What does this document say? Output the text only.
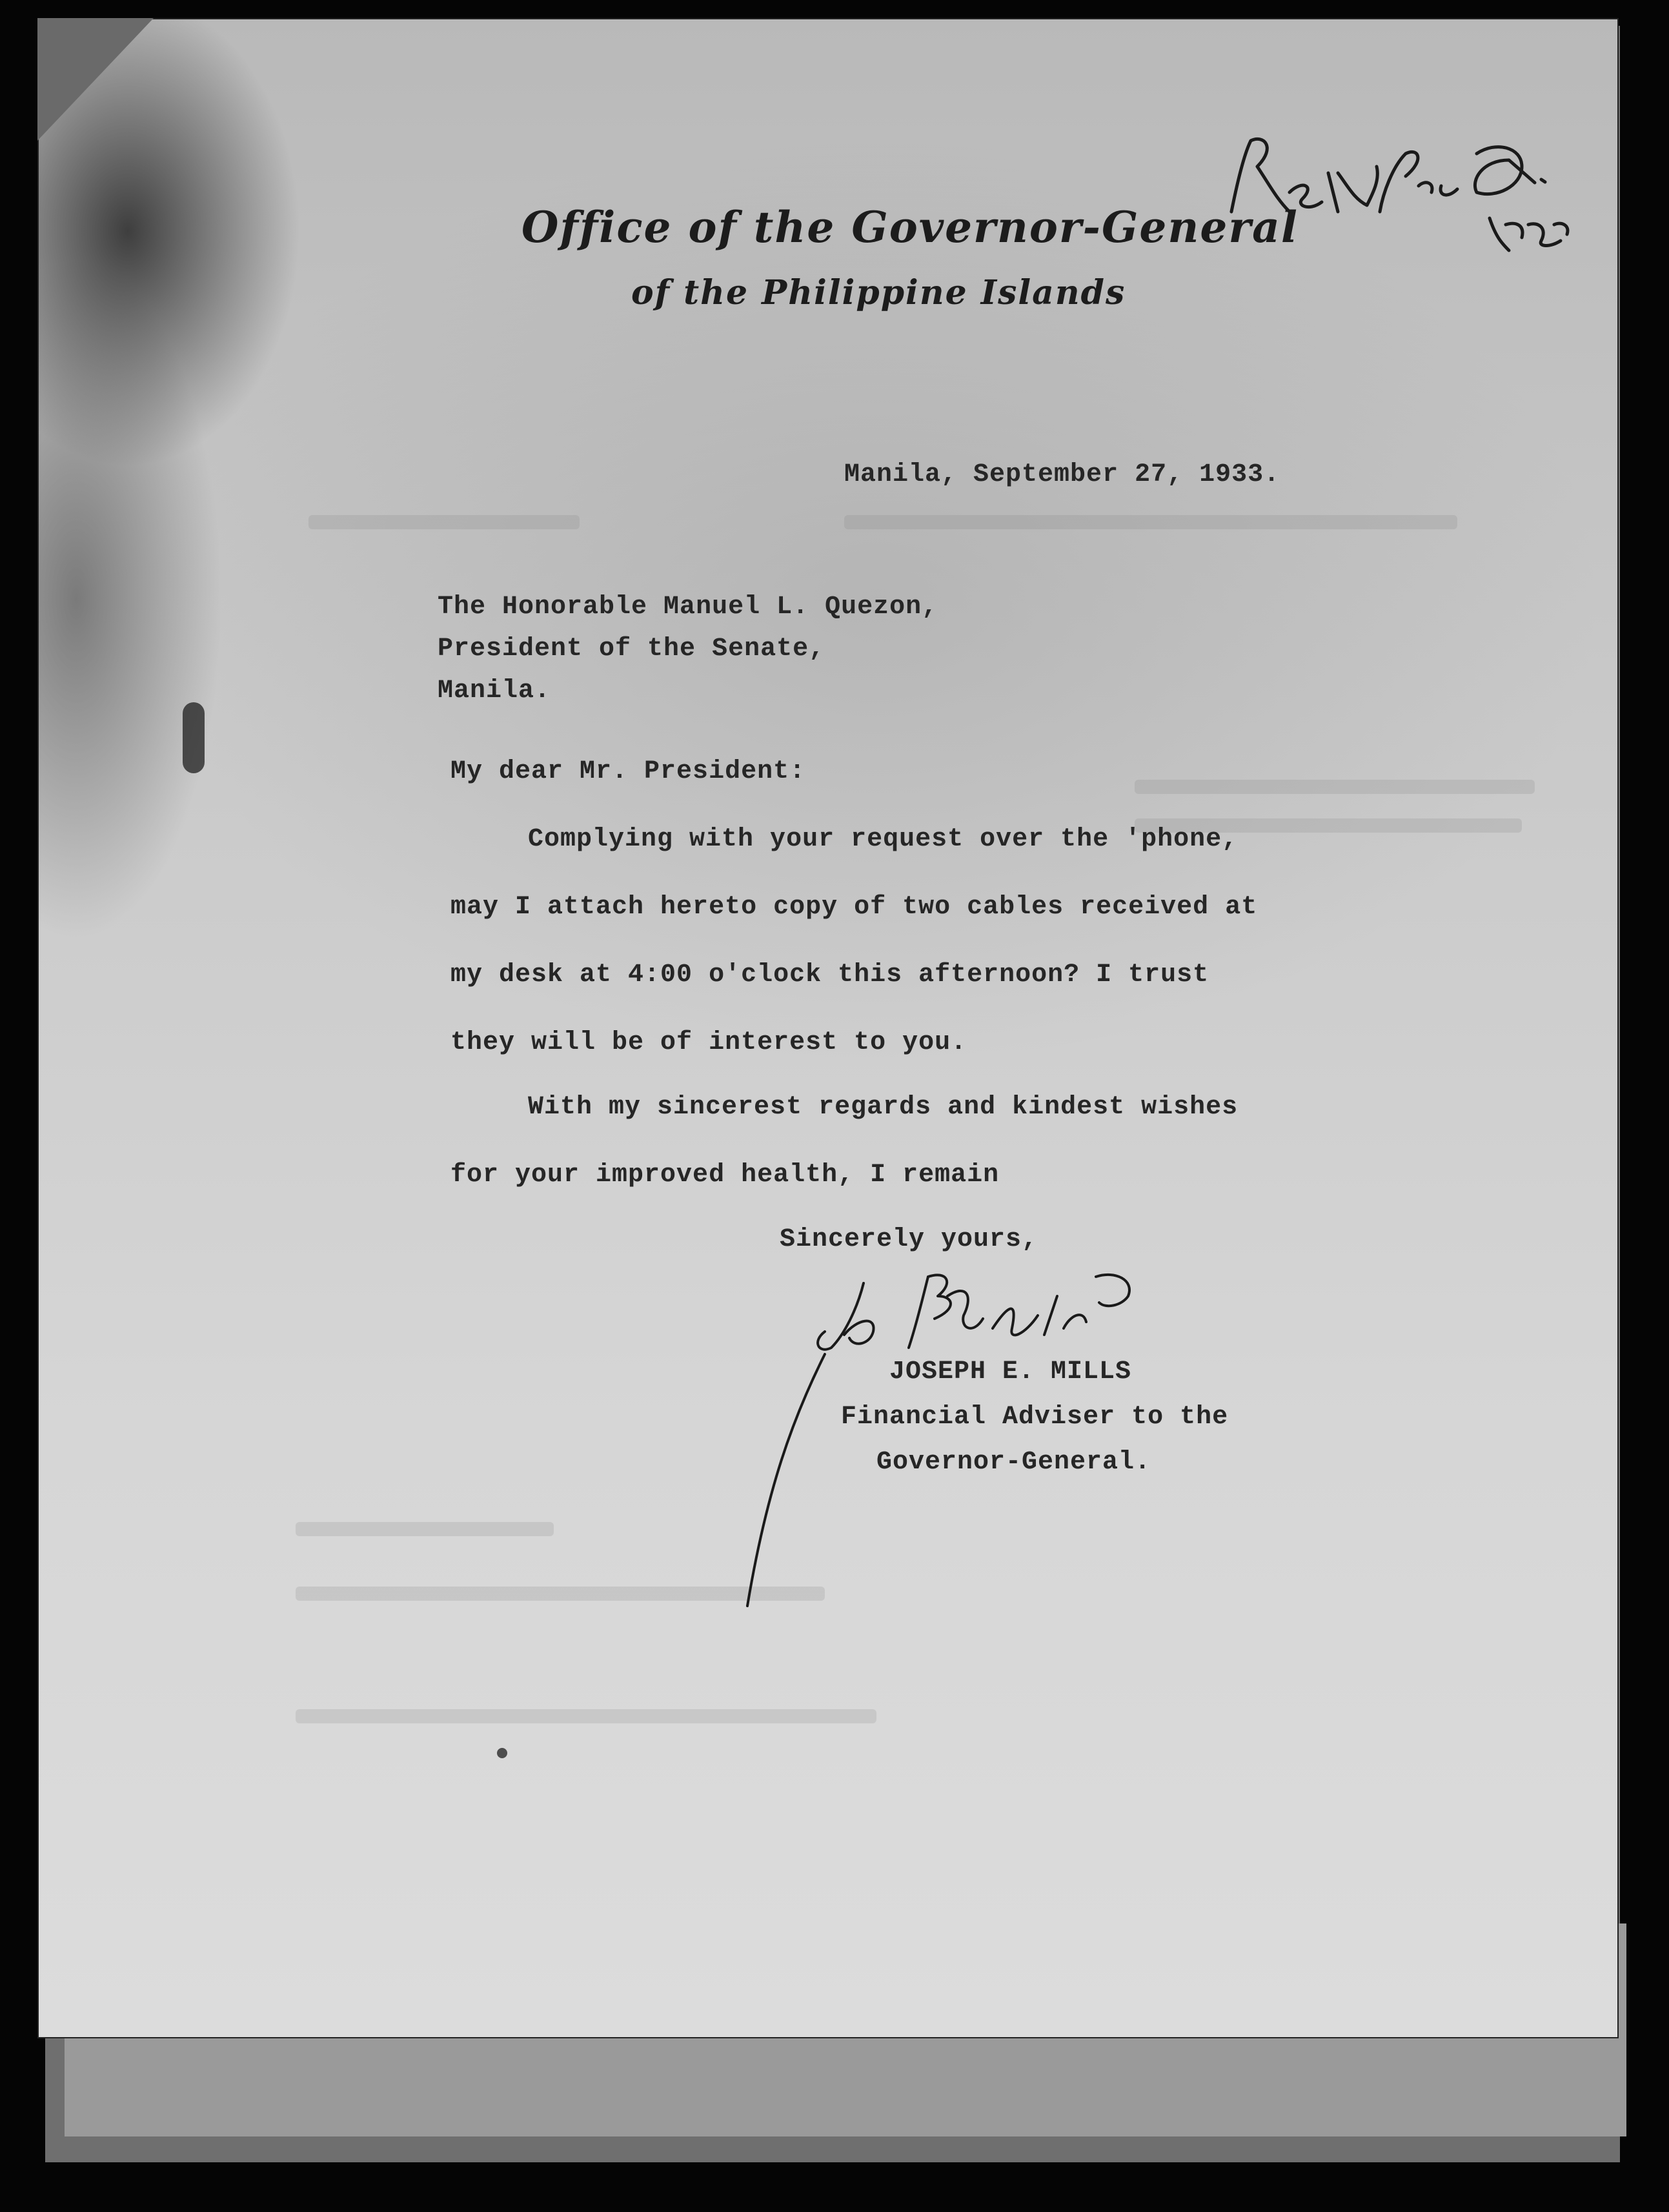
Office of the Governor-General
of the Philippine Islands
Rec'd by Pres Q. 9/26
Manila, September 27, 1933.
The Honorable Manuel L. Quezon,
President of the Senate,
Manila.
My dear Mr. President:
Complying with your request over the 'phone,
may I attach hereto copy of two cables received at
my desk at 4:00 o'clock this afternoon? I trust
they will be of interest to you.
With my sincerest regards and kindest wishes
for your improved health, I remain
Sincerely yours,
JOSEPH E. MILLS
Financial Adviser to the
Governor-General.
